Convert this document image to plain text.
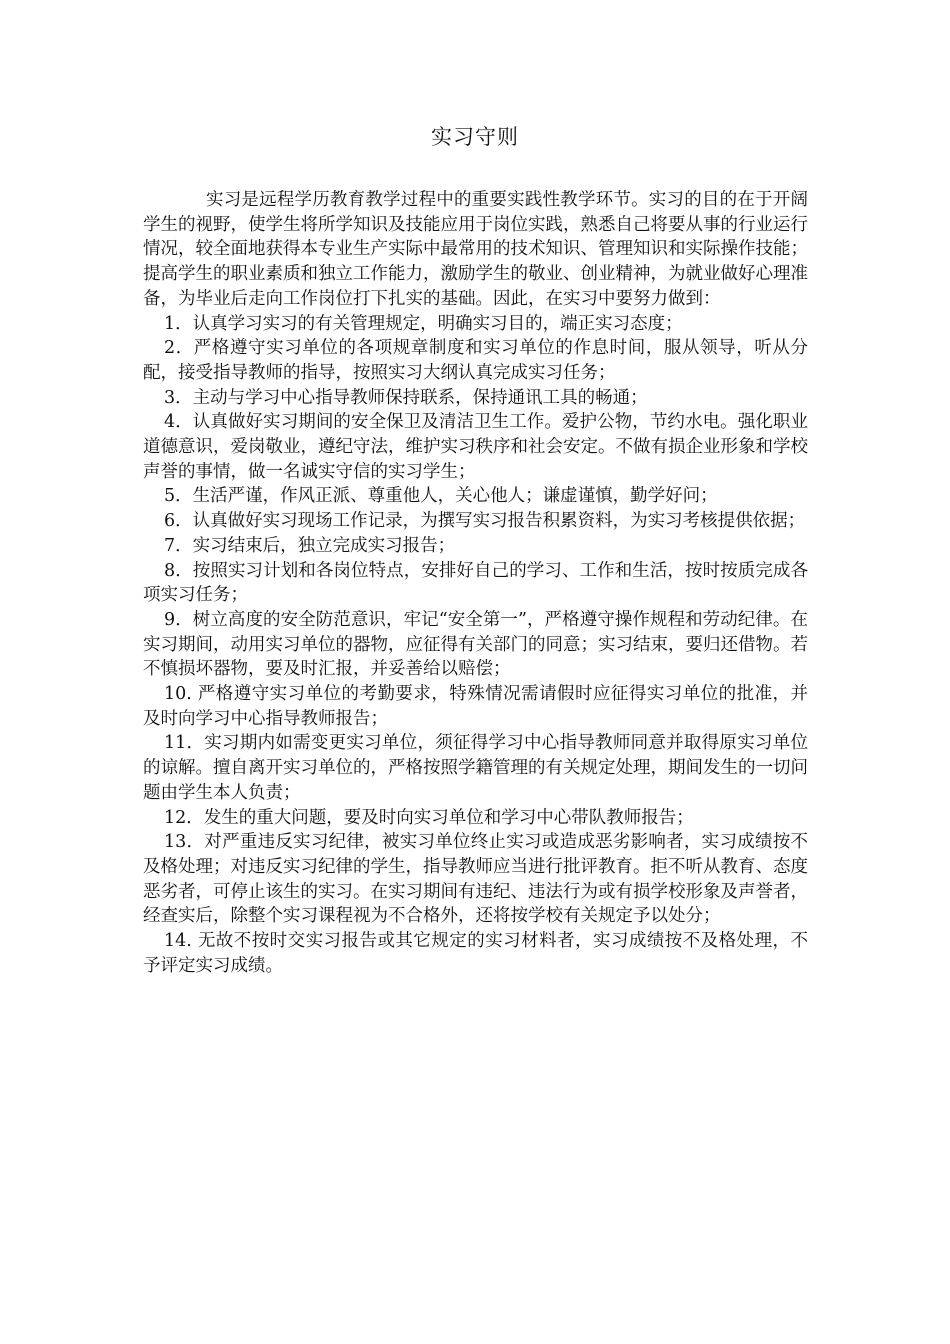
实习守则

实习是远程学历教育教学过程中的重要实践性教学环节。实习的目的在于开阔学生的视野，使学生将所学知识及技能应用于岗位实践，熟悉自己将要从事的行业运行情况，较全面地获得本专业生产实际中最常用的技术知识、管理知识和实际操作技能；提高学生的职业素质和独立工作能力，激励学生的敬业、创业精神，为就业做好心理准备，为毕业后走向工作岗位打下扎实的基础。因此，在实习中要努力做到：

1．认真学习实习的有关管理规定，明确实习目的，端正实习态度；

2．严格遵守实习单位的各项规章制度和实习单位的作息时间，服从领导，听从分配，接受指导教师的指导，按照实习大纲认真完成实习任务；

3．主动与学习中心指导教师保持联系，保持通讯工具的畅通；

4．认真做好实习期间的安全保卫及清洁卫生工作。爱护公物，节约水电。强化职业道德意识，爱岗敬业，遵纪守法，维护实习秩序和社会安定。不做有损企业形象和学校声誉的事情，做一名诚实守信的实习学生；

5．生活严谨，作风正派、尊重他人，关心他人；谦虚谨慎，勤学好问；

6．认真做好实习现场工作记录，为撰写实习报告积累资料，为实习考核提供依据；

7．实习结束后，独立完成实习报告；

8．按照实习计划和各岗位特点，安排好自己的学习、工作和生活，按时按质完成各项实习任务；

9．树立高度的安全防范意识，牢记“安全第一”，严格遵守操作规程和劳动纪律。在实习期间，动用实习单位的器物，应征得有关部门的同意；实习结束，要归还借物。若不慎损坏器物，要及时汇报，并妥善给以赔偿；

10. 严格遵守实习单位的考勤要求，特殊情况需请假时应征得实习单位的批准，并及时向学习中心指导教师报告；

11．实习期内如需变更实习单位，须征得学习中心指导教师同意并取得原实习单位的谅解。擅自离开实习单位的，严格按照学籍管理的有关规定处理，期间发生的一切问题由学生本人负责；

12．发生的重大问题，要及时向实习单位和学习中心带队教师报告；

13．对严重违反实习纪律，被实习单位终止实习或造成恶劣影响者，实习成绩按不及格处理；对违反实习纪律的学生，指导教师应当进行批评教育。拒不听从教育、态度恶劣者，可停止该生的实习。在实习期间有违纪、违法行为或有损学校形象及声誉者，经查实后，除整个实习课程视为不合格外，还将按学校有关规定予以处分；

14. 无故不按时交实习报告或其它规定的实习材料者，实习成绩按不及格处理，不予评定实习成绩。
